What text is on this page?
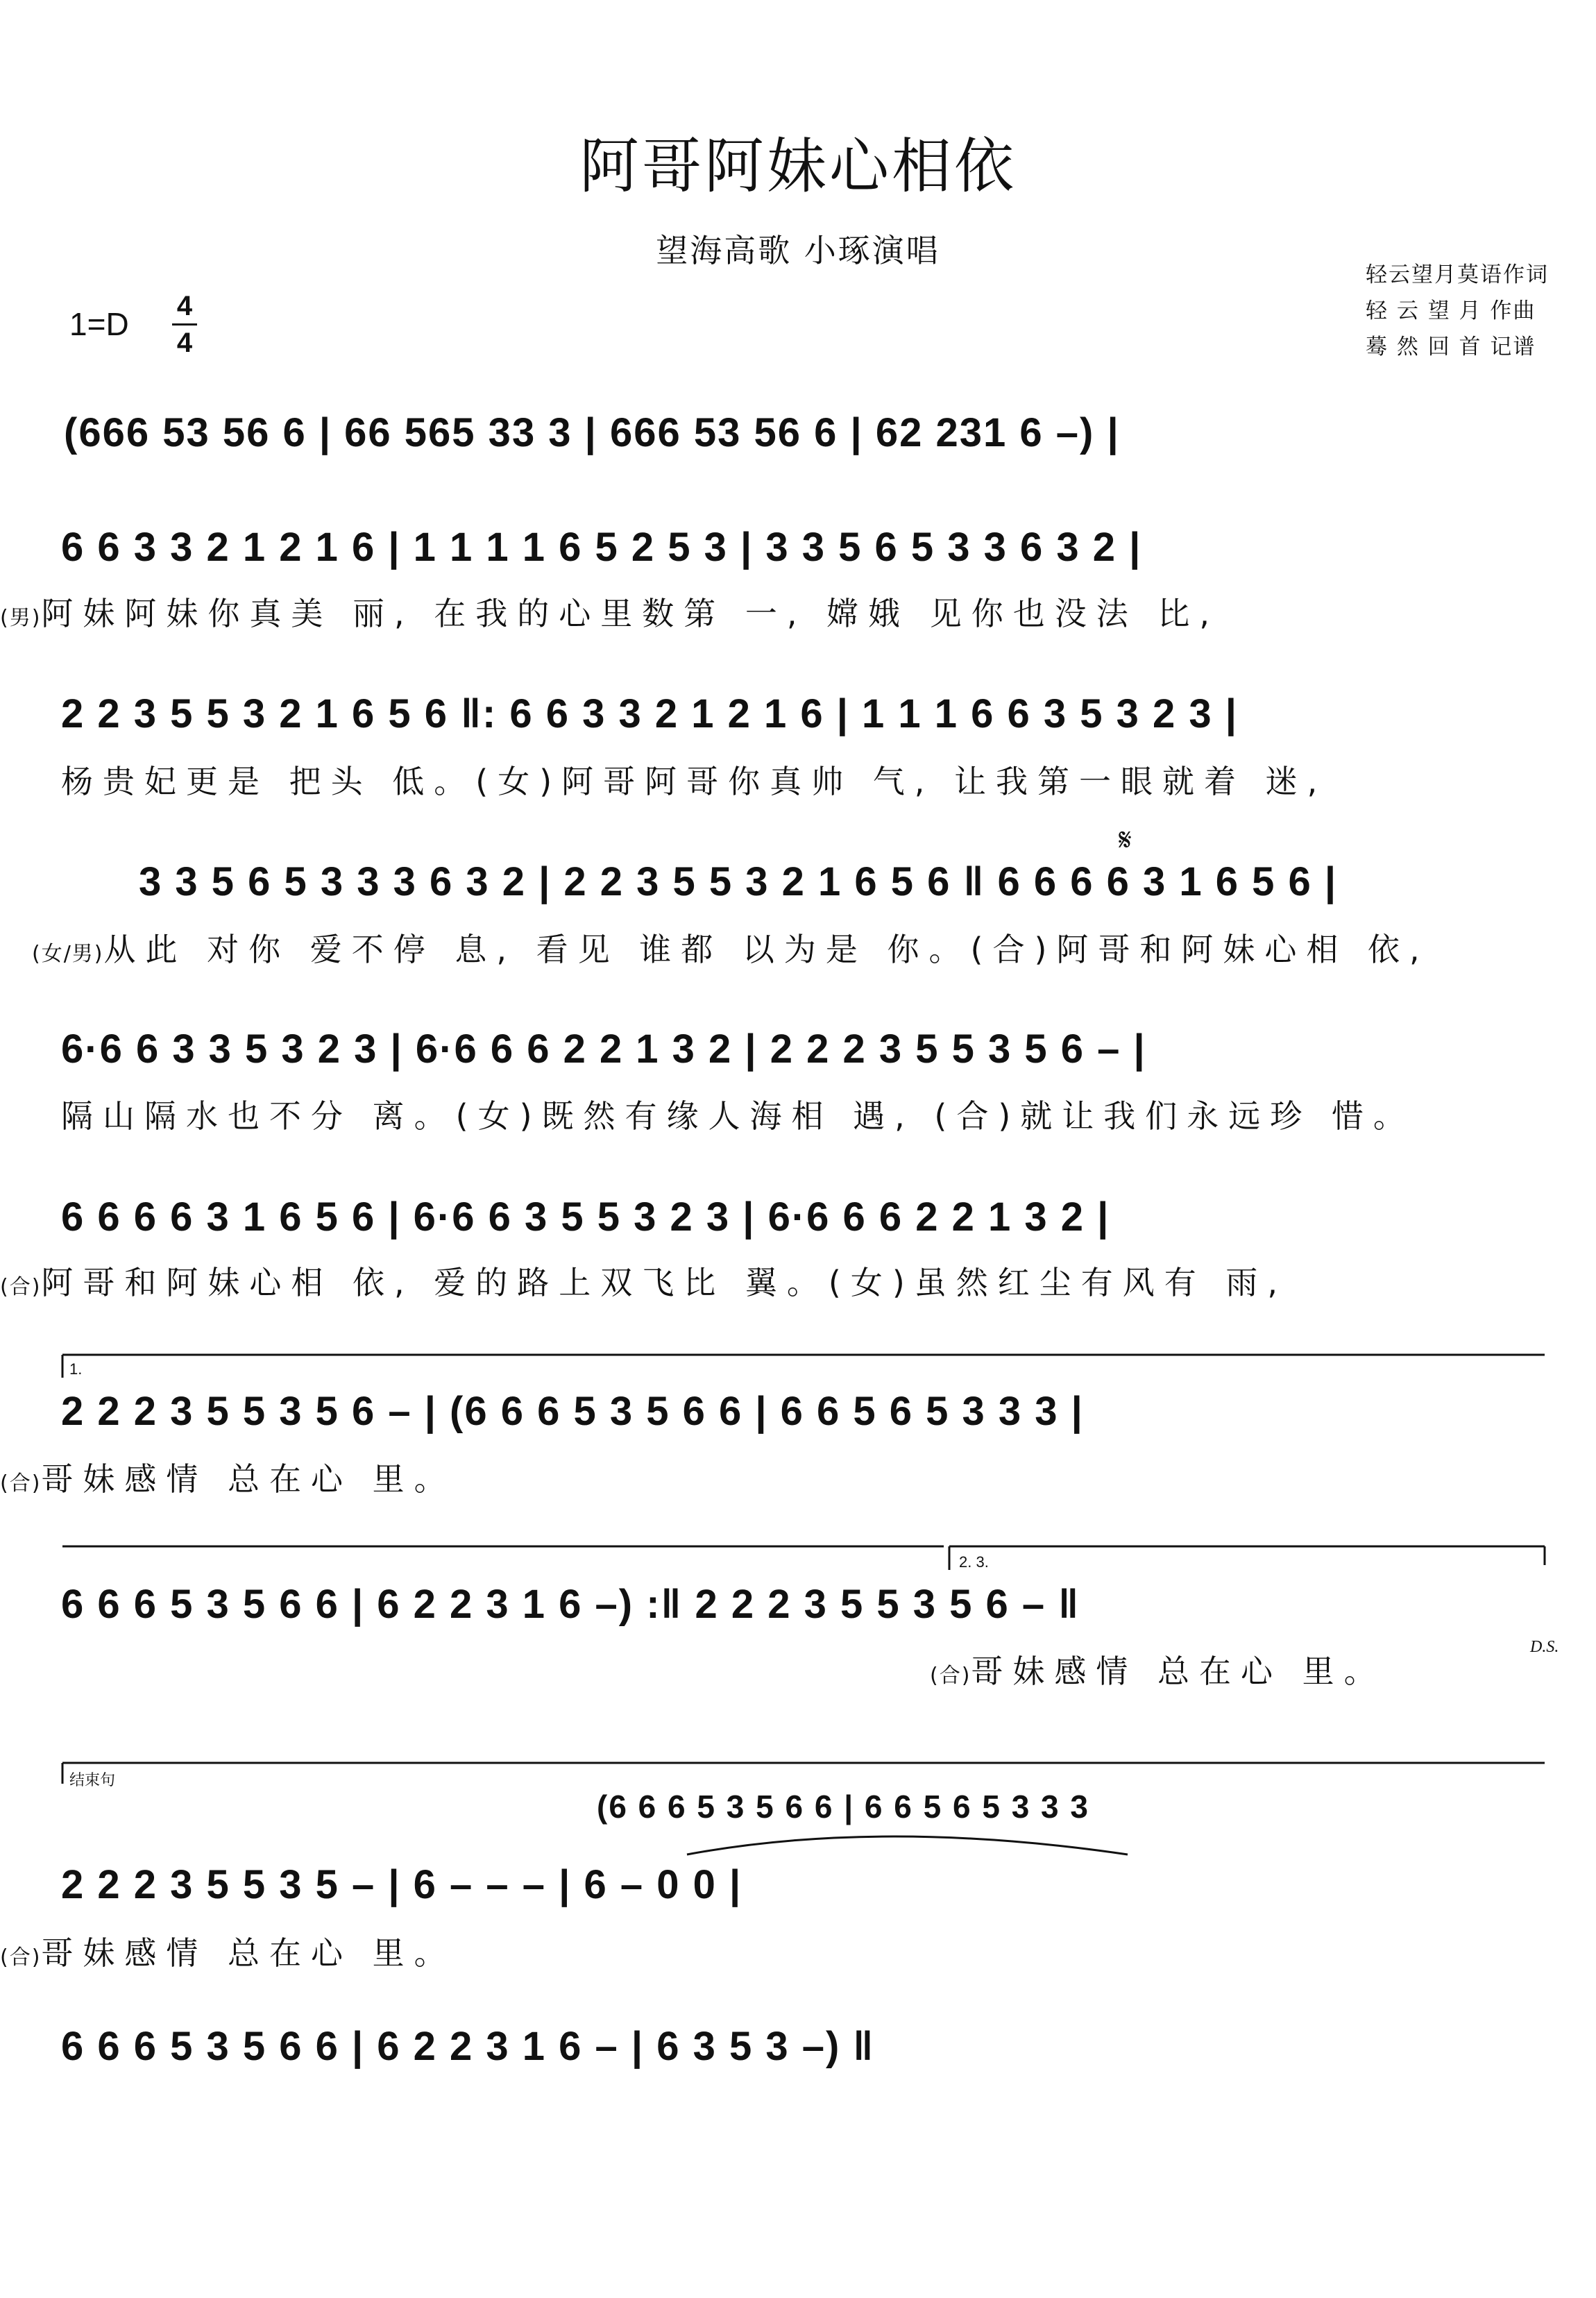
阿哥阿妹心相依
望海高歌 小琢演唱
轻云望月莫语作词
轻 云 望 月 作曲
蓦 然 回 首 记谱
1=D 4
4
(666 53 56 6 | 66 565 33 3 | 666 53 56 6 | 62 231 6 –) |
6 6 3 3 2 1 2 1 6 | 1 1 1 1 6 5 2 5 3 | 3 3 5 6 5 3 3 6 3 2 |
(男)阿妹阿妹你真美 丽, 在我的心里数第 一, 嫦娥 见你也没法 比,
2 2 3 5 5 3 2 1 6 5 6 ‖: 6 6 3 3 2 1 2 1 6 | 1 1 1 6 6 3 5 3 2 3 |
杨贵妃更是 把头 低。(女)阿哥阿哥你真帅 气, 让我第一眼就着 迷,
𝄋
3 3 5 6 5 3 3 3 6 3 2 | 2 2 3 5 5 3 2 1 6 5 6 ‖ 6 6 6 6 3 1 6 5 6 |
(女/男)从此 对你 爱不停 息, 看见 谁都 以为是 你。(合)阿哥和阿妹心相 依,
6·6 6 3 3 5 3 2 3 | 6·6 6 6 2 2 1 3 2 | 2 2 2 3 5 5 3 5 6 – |
隔山隔水也不分 离。(女)既然有缘人海相 遇, (合)就让我们永远珍 惜。
6 6 6 6 3 1 6 5 6 | 6·6 6 3 5 5 3 2 3 | 6·6 6 6 2 2 1 3 2 |
(合)阿哥和阿妹心相 依, 爱的路上双飞比 翼。(女)虽然红尘有风有 雨,
1.
2 2 2 3 5 5 3 5 6 – | (6 6 6 5 3 5 6 6 | 6 6 5 6 5 3 3 3 |
(合)哥妹感情 总在心 里。
2. 3.
6 6 6 5 3 5 6 6 | 6 2 2 3 1 6 –) :‖ 2 2 2 3 5 5 3 5 6 – ‖
D.S.
(合)哥妹感情 总在心 里。
结束句
(6 6 6 5 3 5 6 6 | 6 6 5 6 5 3 3 3
2 2 2 3 5 5 3 5 – | 6 – – – | 6 – 0 0 |
(合)哥妹感情 总在心 里。
6 6 6 5 3 5 6 6 | 6 2 2 3 1 6 – | 6 3 5 3 –) ‖
